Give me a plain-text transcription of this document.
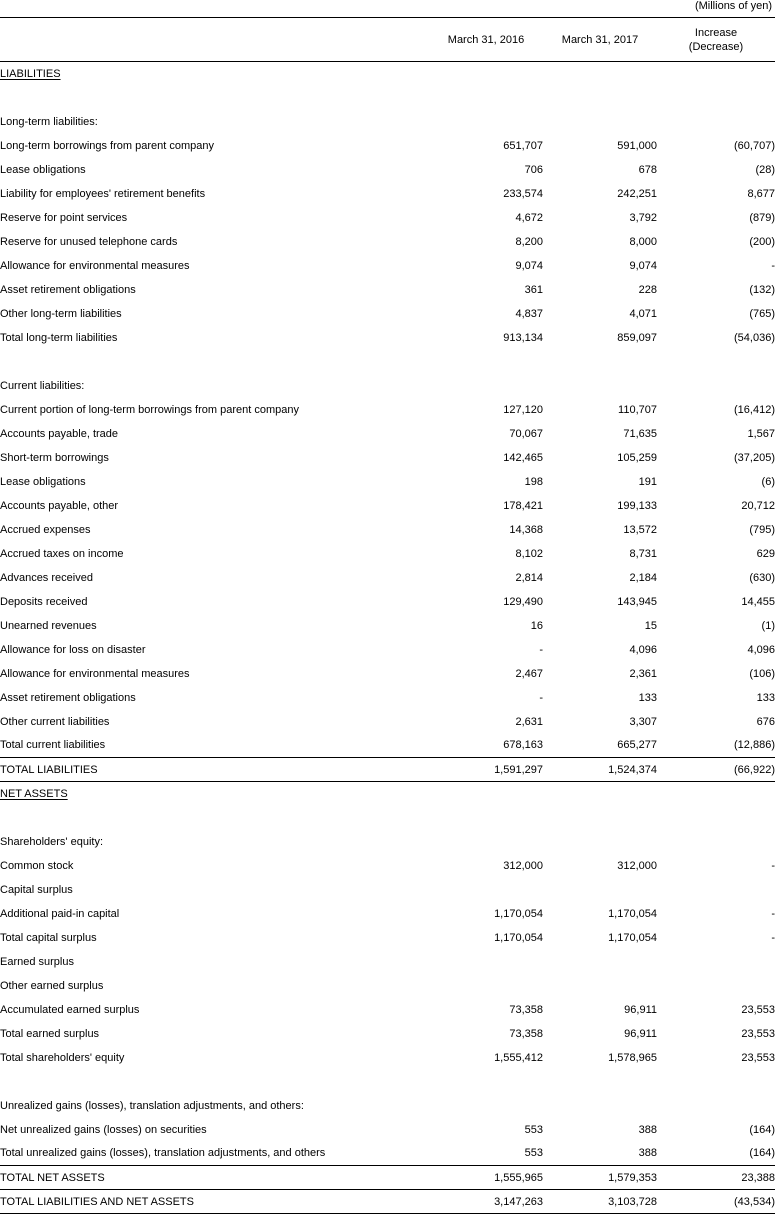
(Millions of yen)
	March 31, 2016	March 31, 2017	Increase
(Decrease)

LIABILITIES			

Long-term liabilities:			
Long-term borrowings from parent company	651,707	591,000	(60,707)
Lease obligations	706	678	(28)
Liability for employees' retirement benefits	233,574	242,251	8,677
Reserve for point services	4,672	3,792	(879)
Reserve for unused telephone cards	8,200	8,000	(200)
Allowance for environmental measures	9,074	9,074	-
Asset retirement obligations	361	228	(132)
Other long-term liabilities	4,837	4,071	(765)
Total long-term liabilities	913,134	859,097	(54,036)

Current liabilities:			
Current portion of long-term borrowings from parent company	127,120	110,707	(16,412)
Accounts payable, trade	70,067	71,635	1,567
Short-term borrowings	142,465	105,259	(37,205)
Lease obligations	198	191	(6)
Accounts payable, other	178,421	199,133	20,712
Accrued expenses	14,368	13,572	(795)
Accrued taxes on income	8,102	8,731	629
Advances received	2,814	2,184	(630)
Deposits received	129,490	143,945	14,455
Unearned revenues	16	15	(1)
Allowance for loss on disaster	-	4,096	4,096
Allowance for environmental measures	2,467	2,361	(106)
Asset retirement obligations	-	133	133
Other current liabilities	2,631	3,307	676
Total current liabilities	678,163	665,277	(12,886)
TOTAL LIABILITIES	1,591,297	1,524,374	(66,922)
NET ASSETS			

Shareholders' equity:			
Common stock	312,000	312,000	-
Capital surplus			
Additional paid-in capital	1,170,054	1,170,054	-
Total capital surplus	1,170,054	1,170,054	-
Earned surplus			
Other earned surplus			
Accumulated earned surplus	73,358	96,911	23,553
Total earned surplus	73,358	96,911	23,553
Total shareholders' equity	1,555,412	1,578,965	23,553

Unrealized gains (losses), translation adjustments, and others:			
Net unrealized gains (losses) on securities	553	388	(164)
Total unrealized gains (losses), translation adjustments, and others	553	388	(164)
TOTAL NET ASSETS	1,555,965	1,579,353	23,388
TOTAL LIABILITIES AND NET ASSETS	3,147,263	3,103,728	(43,534)
